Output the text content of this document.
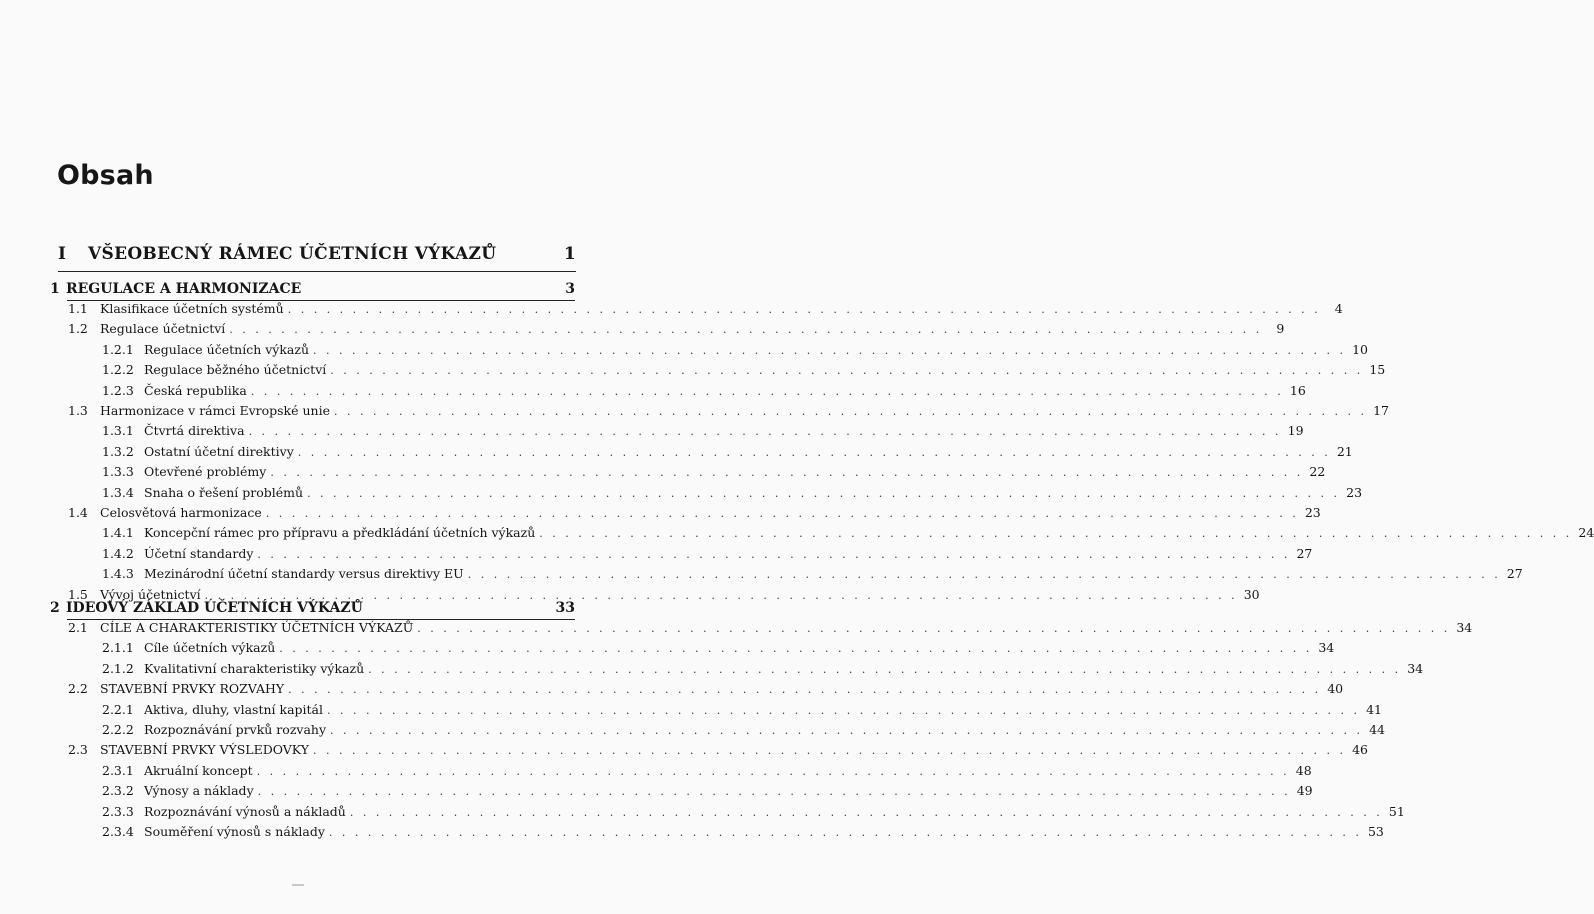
Obsah
I	VŠEOBECNÝ RÁMEC ÚČETNÍCH VÝKAZŮ	1
1 REGULACE A HARMONIZACE	3
1.1 Klasifikace účetních systémů . . . . . . . . . . . . . . . . . . . . . . . . . . . . . . . . . . . . . . . . . . . . . . . . . . . . . . . . . . . . . . . . . . . . . . . . . . . . . . . .	4
1.2 Regulace účetnictví . . . . . . . . . . . . . . . . . . . . . . . . . . . . . . . . . . . . . . . . . . . . . . . . . . . . . . . . . . . . . . . . . . . . . . . . . . . . . . . .	9
1.2.1 Regulace účetních výkazů . . . . . . . . . . . . . . . . . . . . . . . . . . . . . . . . . . . . . . . . . . . . . . . . . . . . . . . . . . . . . . . . . . . . . . . . . . . . . . . . 10
1.2.2 Regulace běžného účetnictví . . . . . . . . . . . . . . . . . . . . . . . . . . . . . . . . . . . . . . . . . . . . . . . . . . . . . . . . . . . . . . . . . . . . . . . . . . . . . . . . 15
1.2.3 Česká republika . . . . . . . . . . . . . . . . . . . . . . . . . . . . . . . . . . . . . . . . . . . . . . . . . . . . . . . . . . . . . . . . . . . . . . . . . . . . . . . . 16
1.3 Harmonizace v rámci Evropské unie . . . . . . . . . . . . . . . . . . . . . . . . . . . . . . . . . . . . . . . . . . . . . . . . . . . . . . . . . . . . . . . . . . . . . . . . . . . . . . . . 17
1.3.1 Čtvrtá direktiva . . . . . . . . . . . . . . . . . . . . . . . . . . . . . . . . . . . . . . . . . . . . . . . . . . . . . . . . . . . . . . . . . . . . . . . . . . . . . . . . 19
1.3.2 Ostatní účetní direktivy . . . . . . . . . . . . . . . . . . . . . . . . . . . . . . . . . . . . . . . . . . . . . . . . . . . . . . . . . . . . . . . . . . . . . . . . . . . . . . . . 21
1.3.3 Otevřené problémy . . . . . . . . . . . . . . . . . . . . . . . . . . . . . . . . . . . . . . . . . . . . . . . . . . . . . . . . . . . . . . . . . . . . . . . . . . . . . . . . 22
1.3.4 Snaha o řešení problémů . . . . . . . . . . . . . . . . . . . . . . . . . . . . . . . . . . . . . . . . . . . . . . . . . . . . . . . . . . . . . . . . . . . . . . . . . . . . . . . . 23
1.4 Celosvětová harmonizace . . . . . . . . . . . . . . . . . . . . . . . . . . . . . . . . . . . . . . . . . . . . . . . . . . . . . . . . . . . . . . . . . . . . . . . . . . . . . . . . 23
1.4.1 Koncepční rámec pro přípravu a předkládání účetních výkazů . . . . . . . . . . . . . . . . . . . . . . . . . . . . . . . . . . . . . . . . . . . . . . . . . . . . . . . . . . . . . . . . . . . . . . . . . . . . . . . . 24
1.4.2 Účetní standardy . . . . . . . . . . . . . . . . . . . . . . . . . . . . . . . . . . . . . . . . . . . . . . . . . . . . . . . . . . . . . . . . . . . . . . . . . . . . . . . . 27
1.4.3 Mezinárodní účetní standardy versus direktivy EU . . . . . . . . . . . . . . . . . . . . . . . . . . . . . . . . . . . . . . . . . . . . . . . . . . . . . . . . . . . . . . . . . . . . . . . . . . . . . . . . 27
1.5 Vývoj účetnictví . . . . . . . . . . . . . . . . . . . . . . . . . . . . . . . . . . . . . . . . . . . . . . . . . . . . . . . . . . . . . . . . . . . . . . . . . . . . . . . . 30
2 IDEOVÝ ZÁKLAD ÚČETNÍCH VÝKAZŮ	33
2.1 CÍLE A CHARAKTERISTIKY ÚČETNÍCH VÝKAZŮ . . . . . . . . . . . . . . . . . . . . . . . . . . . . . . . . . . . . . . . . . . . . . . . . . . . . . . . . . . . . . . . . . . . . . . . . . . . . . . . . 34
2.1.1 Cíle účetních výkazů . . . . . . . . . . . . . . . . . . . . . . . . . . . . . . . . . . . . . . . . . . . . . . . . . . . . . . . . . . . . . . . . . . . . . . . . . . . . . . . . 34
2.1.2 Kvalitativní charakteristiky výkazů . . . . . . . . . . . . . . . . . . . . . . . . . . . . . . . . . . . . . . . . . . . . . . . . . . . . . . . . . . . . . . . . . . . . . . . . . . . . . . . . 34
2.2 STAVEBNÍ PRVKY ROZVAHY . . . . . . . . . . . . . . . . . . . . . . . . . . . . . . . . . . . . . . . . . . . . . . . . . . . . . . . . . . . . . . . . . . . . . . . . . . . . . . . . 40
2.2.1 Aktiva, dluhy, vlastní kapitál . . . . . . . . . . . . . . . . . . . . . . . . . . . . . . . . . . . . . . . . . . . . . . . . . . . . . . . . . . . . . . . . . . . . . . . . . . . . . . . . 41
2.2.2 Rozpoznávání prvků rozvahy . . . . . . . . . . . . . . . . . . . . . . . . . . . . . . . . . . . . . . . . . . . . . . . . . . . . . . . . . . . . . . . . . . . . . . . . . . . . . . . . 44
2.3 STAVEBNÍ PRVKY VÝSLEDOVKY . . . . . . . . . . . . . . . . . . . . . . . . . . . . . . . . . . . . . . . . . . . . . . . . . . . . . . . . . . . . . . . . . . . . . . . . . . . . . . . . 46
2.3.1 Akruální koncept . . . . . . . . . . . . . . . . . . . . . . . . . . . . . . . . . . . . . . . . . . . . . . . . . . . . . . . . . . . . . . . . . . . . . . . . . . . . . . . . 48
2.3.2 Výnosy a náklady . . . . . . . . . . . . . . . . . . . . . . . . . . . . . . . . . . . . . . . . . . . . . . . . . . . . . . . . . . . . . . . . . . . . . . . . . . . . . . . . 49
2.3.3 Rozpoznávání výnosů a nákladů . . . . . . . . . . . . . . . . . . . . . . . . . . . . . . . . . . . . . . . . . . . . . . . . . . . . . . . . . . . . . . . . . . . . . . . . . . . . . . . . 51
2.3.4 Souměření výnosů s náklady . . . . . . . . . . . . . . . . . . . . . . . . . . . . . . . . . . . . . . . . . . . . . . . . . . . . . . . . . . . . . . . . . . . . . . . . . . . . . . . . 53
